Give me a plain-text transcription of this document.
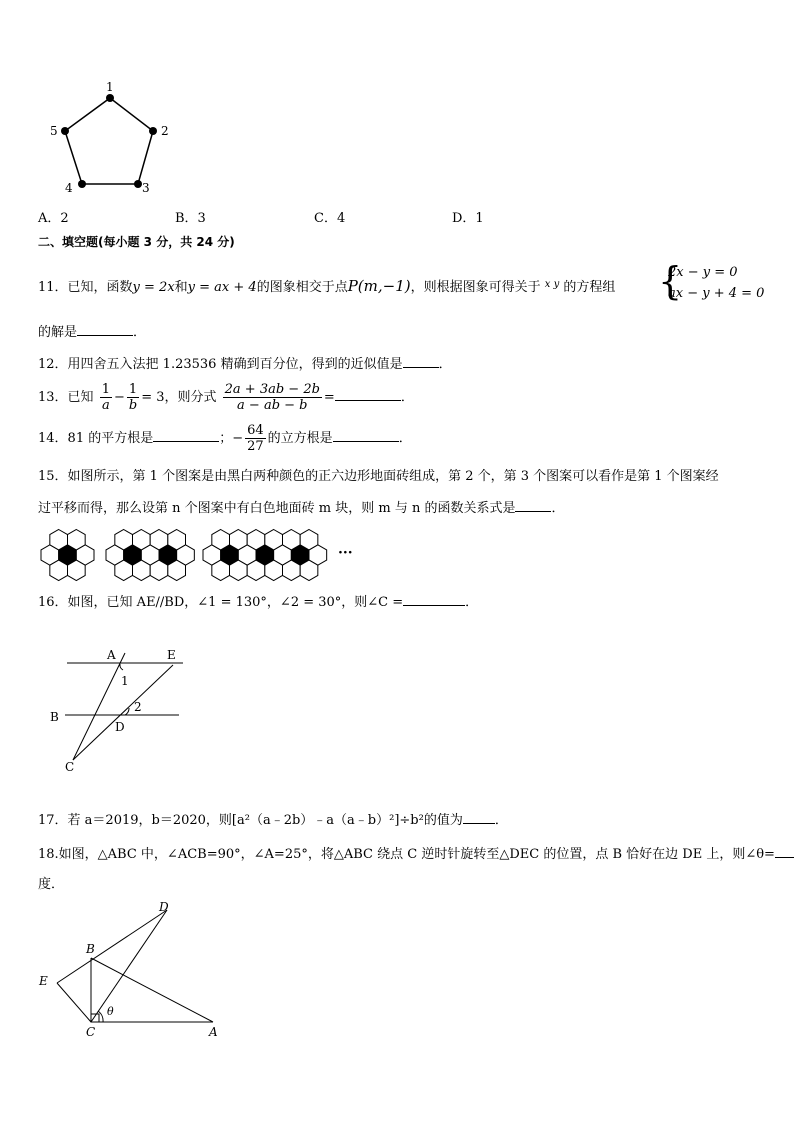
1
2
3
4
5
A．2	B．3	C．4	D．1
二、填空题(每小题 3 分，共 24 分)
11．已知，函数y = 2x和y = ax + 4的图象相交于点P(m,−1)，则根据图象可得关于 $^{x y}$ 的方程组 {
2x − y = 0
ax − y + 4 = 0
的解是	．
12．用四舍五入法把 1.23536 精确到百分位，得到的近似值是	．
13．已知 $\frac{1}{a} - \frac{1}{b} = 3$，则分式 $\frac{2a + 3ab - 2b}{a - ab - b}$ =	．
14．81 的平方根是	；− $\frac{64}{27}$ 的立方根是	．
15．如图所示，第 1 个图案是由黑白两种颜色的正六边形地面砖组成，第 2 个，第 3 个图案可以看作是第 1 个图案经
过平移而得，那么设第 n 个图案中有白色地面砖 m 块，则 m 与 n 的函数关系式是	．
···
16．如图，已知 AE//BD，∠1 = 130°，∠2 = 30°，则∠C =	．
A	E
B
D
C
1
2
17．若 a＝2019，b＝2020，则[a²（a﹣2b）﹣a（a﹣b）²]÷b²的值为 ．
18.如图，△ABC 中，∠ACB=90°，∠A=25°，将△ABC 绕点 C 逆时针旋转至△DEC 的位置，点 B 恰好在边 DE 上，则∠θ=
度．
D
B
E
C	A
θ
